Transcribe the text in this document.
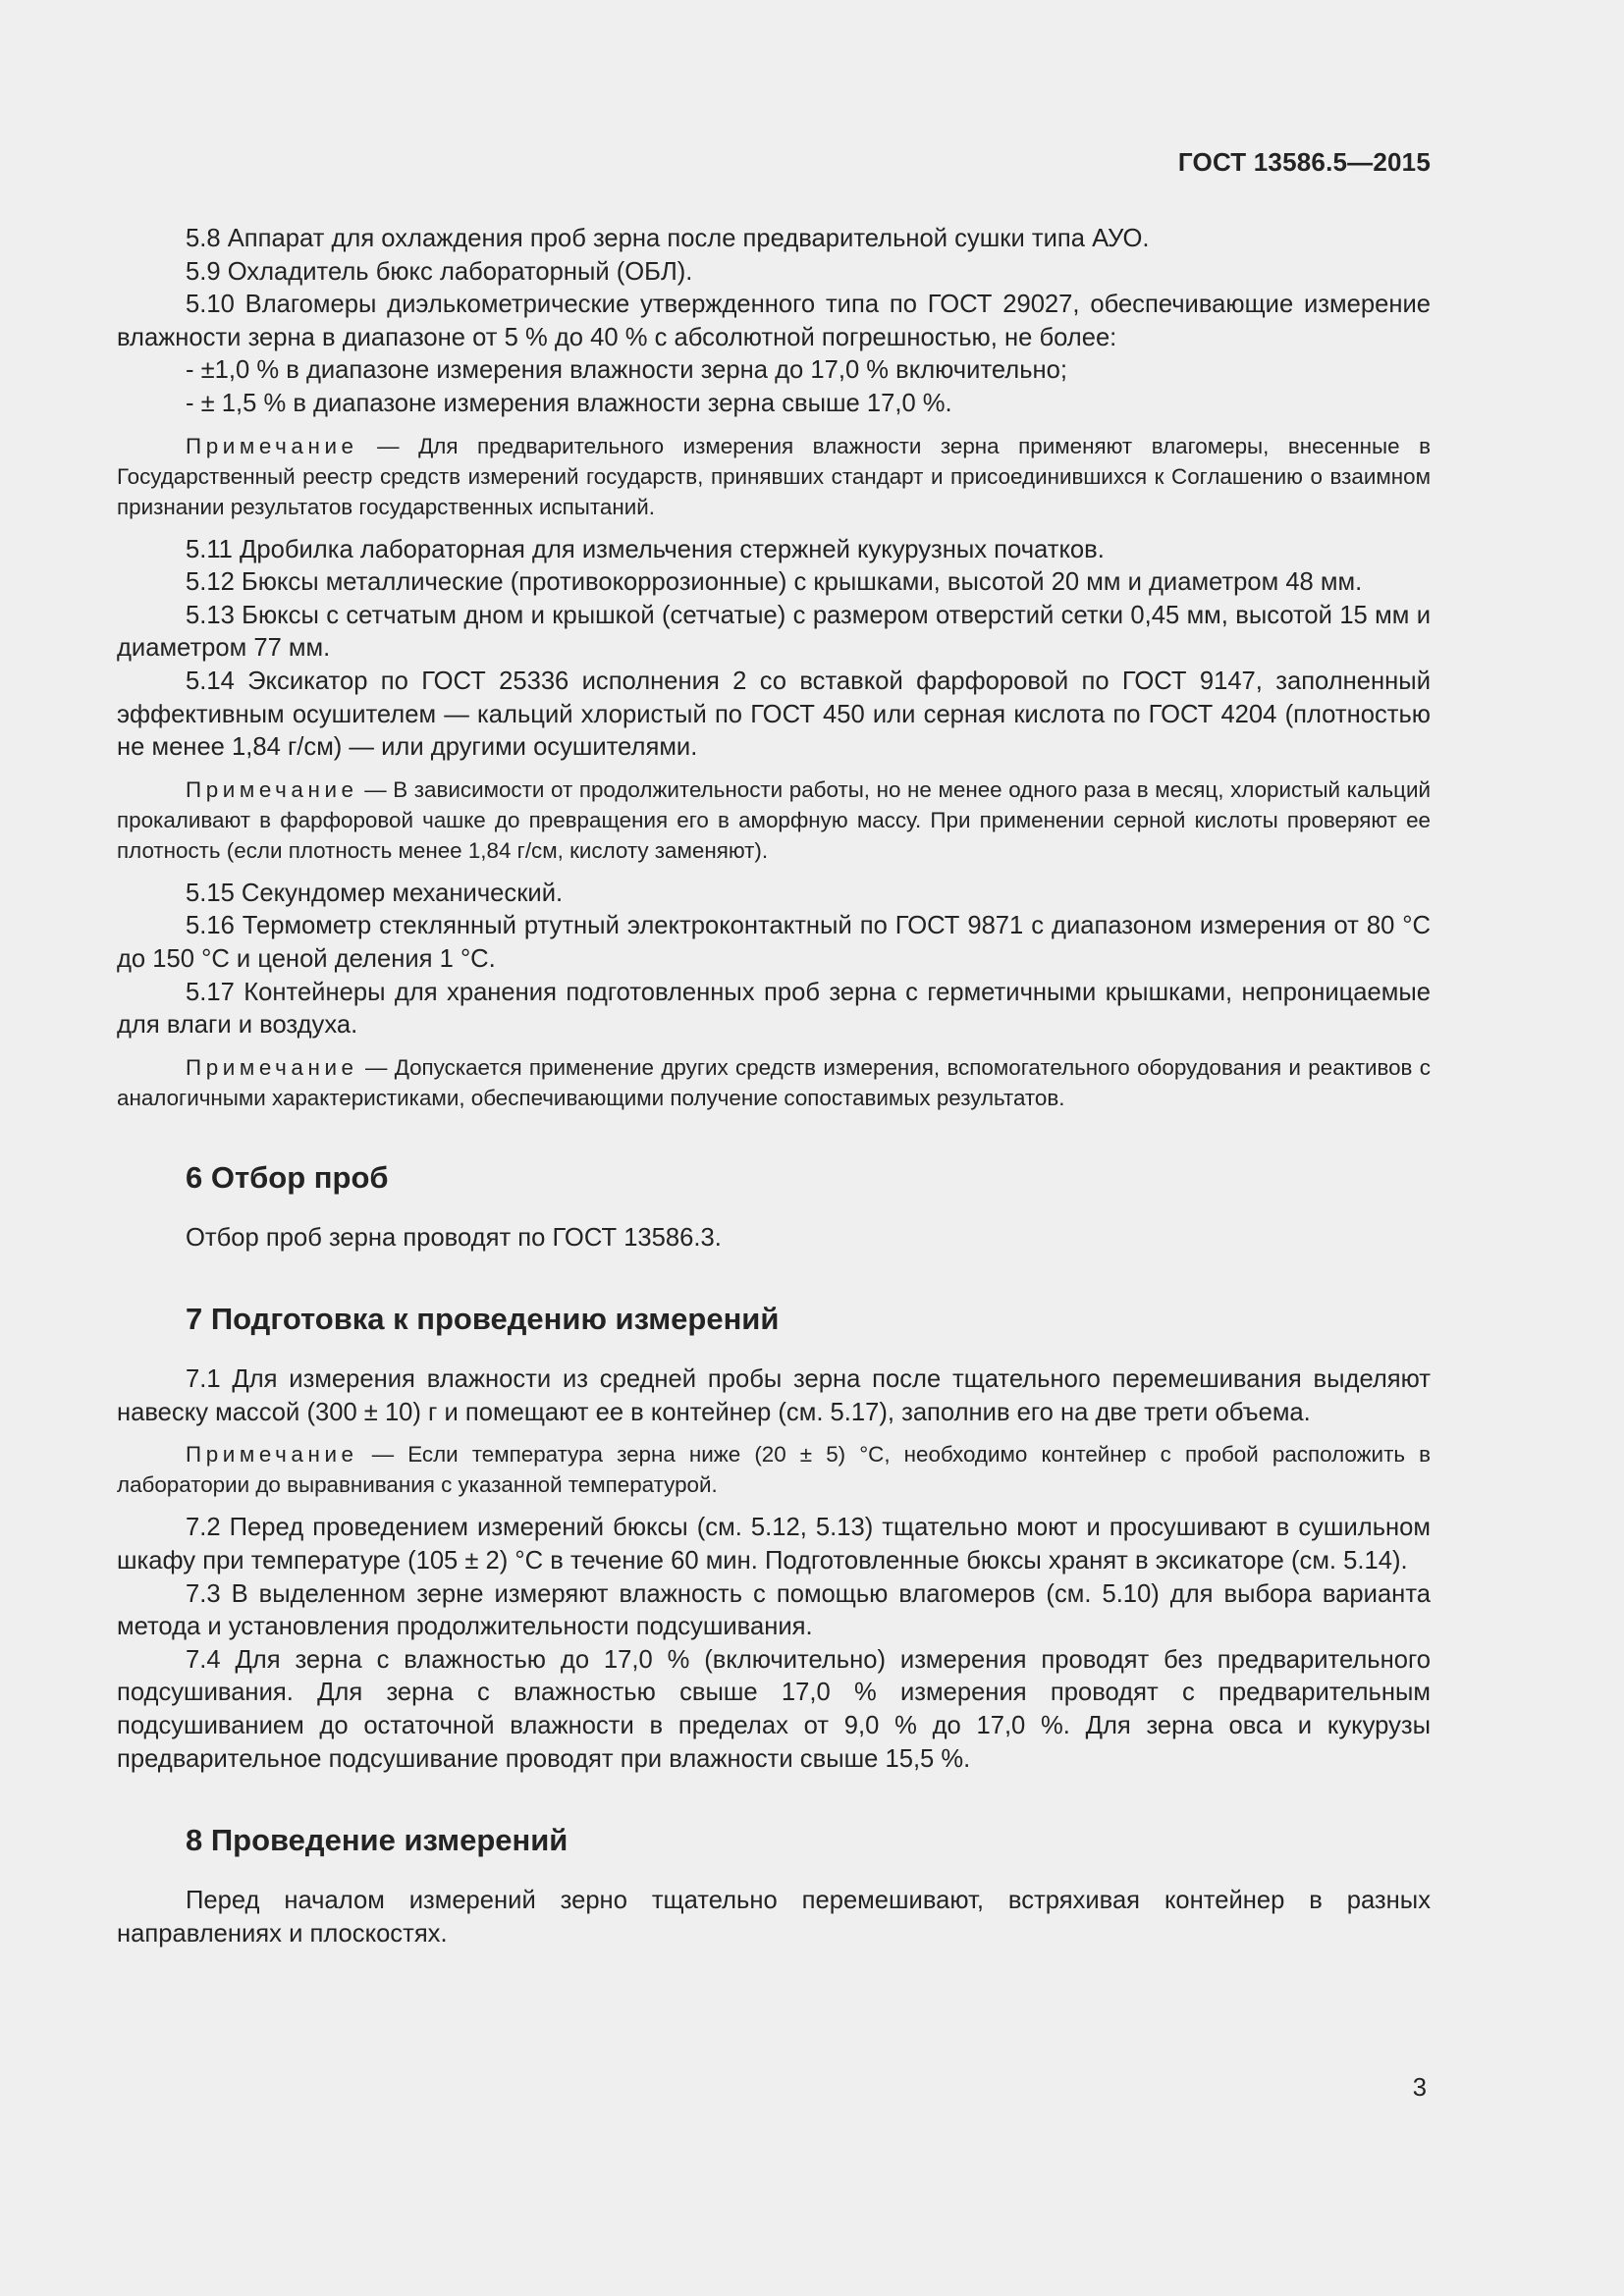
ГОСТ 13586.5—2015

5.8 Аппарат для охлаждения проб зерна после предварительной сушки типа АУО.

5.9 Охладитель бюкс лабораторный (ОБЛ).

5.10 Влагомеры диэлькометрические утвержденного типа по ГОСТ 29027, обеспечивающие измерение влажности зерна в диапазоне от 5 % до 40 % с абсолютной погрешностью, не более:

- ±1,0 % в диапазоне измерения влажности зерна до 17,0 % включительно;

- ± 1,5 % в диапазоне измерения влажности зерна свыше 17,0 %.

Примечание — Для предварительного измерения влажности зерна применяют влагомеры, внесенные в Государственный реестр средств измерений государств, принявших стандарт и присоединившихся к Соглашению о взаимном признании результатов государственных испытаний.

5.11 Дробилка лабораторная для измельчения стержней кукурузных початков.

5.12 Бюксы металлические (противокоррозионные) с крышками, высотой 20 мм и диаметром 48 мм.

5.13 Бюксы с сетчатым дном и крышкой (сетчатые) с размером отверстий сетки 0,45 мм, высотой 15 мм и диаметром 77 мм.

5.14 Эксикатор по ГОСТ 25336 исполнения 2 со вставкой фарфоровой по ГОСТ 9147, заполненный эффективным осушителем — кальций хлористый по ГОСТ 450 или серная кислота по ГОСТ 4204 (плотностью не менее 1,84 г/см) — или другими осушителями.

Примечание — В зависимости от продолжительности работы, но не менее одного раза в месяц, хлористый кальций прокаливают в фарфоровой чашке до превращения его в аморфную массу. При применении серной кислоты проверяют ее плотность (если плотность менее 1,84 г/см, кислоту заменяют).

5.15 Секундомер механический.

5.16 Термометр стеклянный ртутный электроконтактный по ГОСТ 9871 с диапазоном измерения от 80 °С до 150 °С и ценой деления 1 °С.

5.17 Контейнеры для хранения подготовленных проб зерна с герметичными крышками, непроницаемые для влаги и воздуха.

Примечание — Допускается применение других средств измерения, вспомогательного оборудования и реактивов с аналогичными характеристиками, обеспечивающими получение сопоставимых результатов.

6 Отбор проб

Отбор проб зерна проводят по ГОСТ 13586.3.

7 Подготовка к проведению измерений

7.1 Для измерения влажности из средней пробы зерна после тщательного перемешивания выделяют навеску массой (300 ± 10) г и помещают ее в контейнер (см. 5.17), заполнив его на две трети объема.

Примечание — Если температура зерна ниже (20 ± 5) °С, необходимо контейнер с пробой расположить в лаборатории до выравнивания с указанной температурой.

7.2 Перед проведением измерений бюксы (см. 5.12, 5.13) тщательно моют и просушивают в сушильном шкафу при температуре (105 ± 2) °С в течение 60 мин. Подготовленные бюксы хранят в эксикаторе (см. 5.14).

7.3 В выделенном зерне измеряют влажность с помощью влагомеров (см. 5.10) для выбора варианта метода и установления продолжительности подсушивания.

7.4 Для зерна с влажностью до 17,0 % (включительно) измерения проводят без предварительного подсушивания. Для зерна с влажностью свыше 17,0 % измерения проводят с предварительным подсушиванием до остаточной влажности в пределах от 9,0 % до 17,0 %. Для зерна овса и кукурузы предварительное подсушивание проводят при влажности свыше 15,5 %.

8 Проведение измерений

Перед началом измерений зерно тщательно перемешивают, встряхивая контейнер в разных направлениях и плоскостях.

3
